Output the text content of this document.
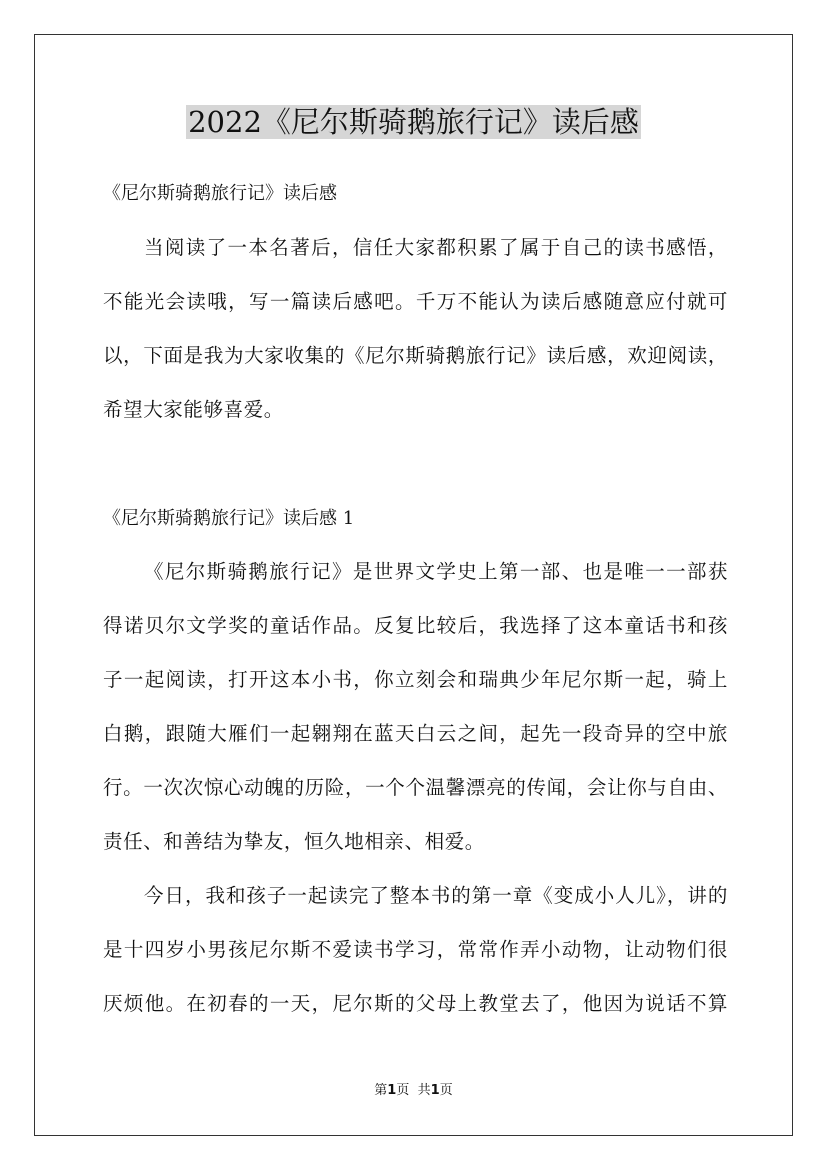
2022《尼尔斯骑鹅旅行记》读后感
《尼尔斯骑鹅旅行记》读后感
当阅读了一本名著后，信任大家都积累了属于自己的读书感悟，
不能光会读哦，写一篇读后感吧。千万不能认为读后感随意应付就可
以，下面是我为大家收集的《尼尔斯骑鹅旅行记》读后感，欢迎阅读，
希望大家能够喜爱。
《尼尔斯骑鹅旅行记》读后感 1
《尼尔斯骑鹅旅行记》是世界文学史上第一部、也是唯一一部获
得诺贝尔文学奖的童话作品。反复比较后，我选择了这本童话书和孩
子一起阅读，打开这本小书，你立刻会和瑞典少年尼尔斯一起，骑上
白鹅，跟随大雁们一起翱翔在蓝天白云之间，起先一段奇异的空中旅
行。一次次惊心动魄的历险，一个个温馨漂亮的传闻，会让你与自由、
责任、和善结为挚友，恒久地相亲、相爱。
今日，我和孩子一起读完了整本书的第一章《变成小人儿》，讲的
是十四岁小男孩尼尔斯不爱读书学习，常常作弄小动物，让动物们很
厌烦他。在初春的一天，尼尔斯的父母上教堂去了，他因为说话不算
第1页 共1页
